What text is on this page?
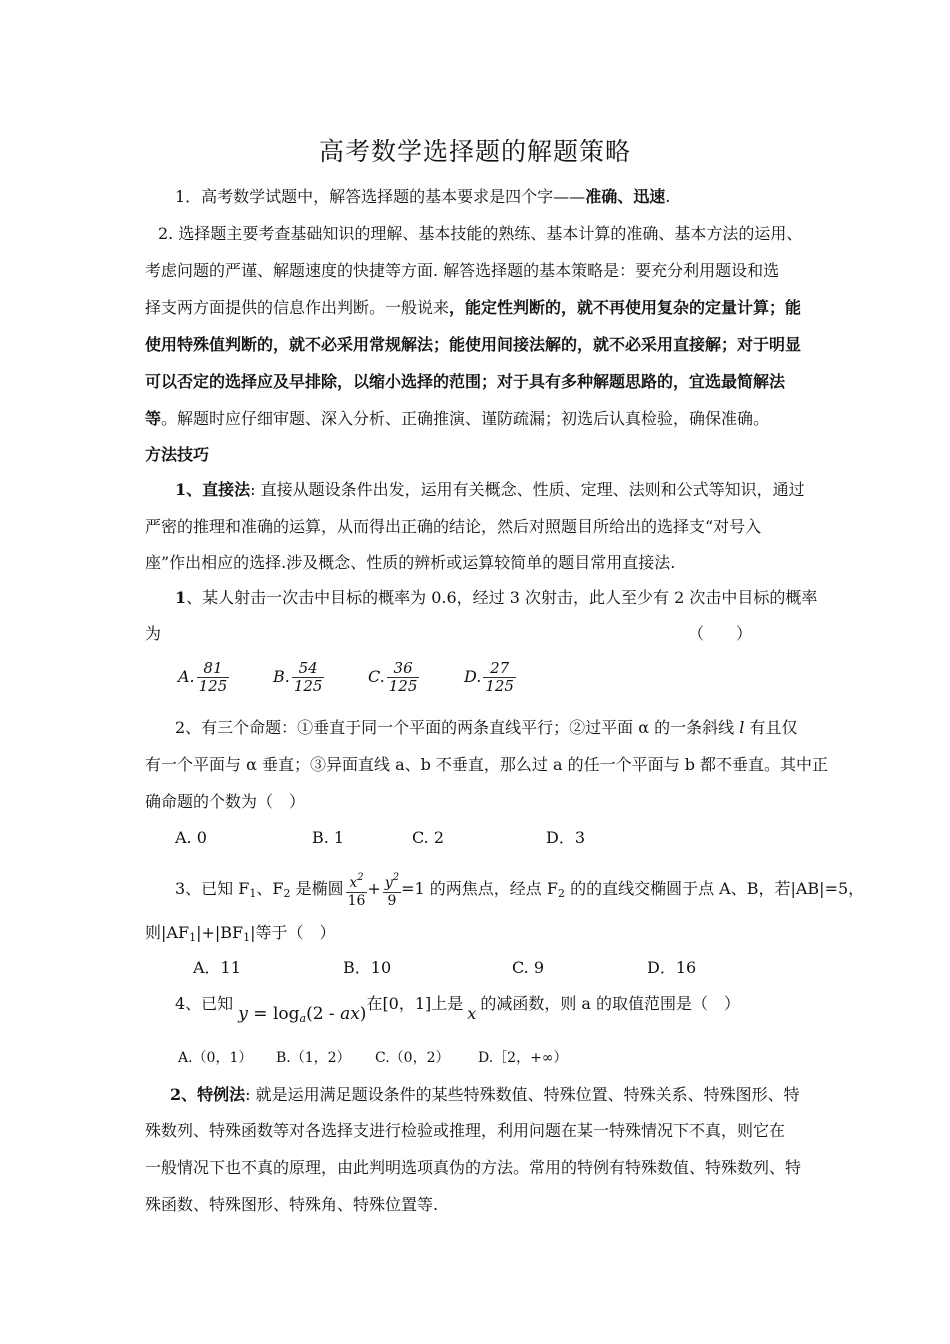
高考数学选择题的解题策略
1．高考数学试题中，解答选择题的基本要求是四个字——准确、迅速.
2. 选择题主要考查基础知识的理解、基本技能的熟练、基本计算的准确、基本方法的运用、
考虑问题的严谨、解题速度的快捷等方面. 解答选择题的基本策略是：要充分利用题设和选
择支两方面提供的信息作出判断。一般说来，能定性判断的，就不再使用复杂的定量计算；能
使用特殊值判断的，就不必采用常规解法；能使用间接法解的，就不必采用直接解；对于明显
可以否定的选择应及早排除，以缩小选择的范围；对于具有多种解题思路的，宜选最简解法
等。解题时应仔细审题、深入分析、正确推演、谨防疏漏；初选后认真检验，确保准确。
方法技巧
1、直接法: 直接从题设条件出发，运用有关概念、性质、定理、法则和公式等知识，通过
严密的推理和准确的运算，从而得出正确的结论，然后对照题目所给出的选择支“对号入
座”作出相应的选择.涉及概念、性质的辨析或运算较简单的题目常用直接法.
1、某人射击一次击中目标的概率为 0.6，经过 3 次射击，此人至少有 2 次击中目标的概率
为	（　　）
A. $\frac{81}{125}$	B. $\frac{54}{125}$	C. $\frac{36}{125}$	D. $\frac{27}{125}$
2、有三个命题：①垂直于同一个平面的两条直线平行；②过平面 α 的一条斜线 l 有且仅
有一个平面与 α 垂直；③异面直线 a、b 不垂直，那么过 a 的任一个平面与 b 都不垂直。其中正
确命题的个数为（　）
A. 0	B. 1	C. 2	D．3
3、已知 $F_1$、$F_2$ 是椭圆 $\frac{x^2}{16} + \frac{y^2}{9} =1$ 的两焦点，经点 $F_2$ 的的直线交椭圆于点 A、B，若|AB|=5，
则$|AF_1|+|BF_1|$等于（　）
A．11	B．10	C. 9	D．16
4、已知 $y = \log_a(2 - ax)$在[0，1]上是x的减函数，则 a 的取值范围是（　）
A.（0，1） B.（1，2） C.（0，2） D.［2，+∞）
2、特例法: 就是运用满足题设条件的某些特殊数值、特殊位置、特殊关系、特殊图形、特
殊数列、特殊函数等对各选择支进行检验或推理，利用问题在某一特殊情况下不真，则它在
一般情况下也不真的原理，由此判明选项真伪的方法。常用的特例有特殊数值、特殊数列、特
殊函数、特殊图形、特殊角、特殊位置等.
